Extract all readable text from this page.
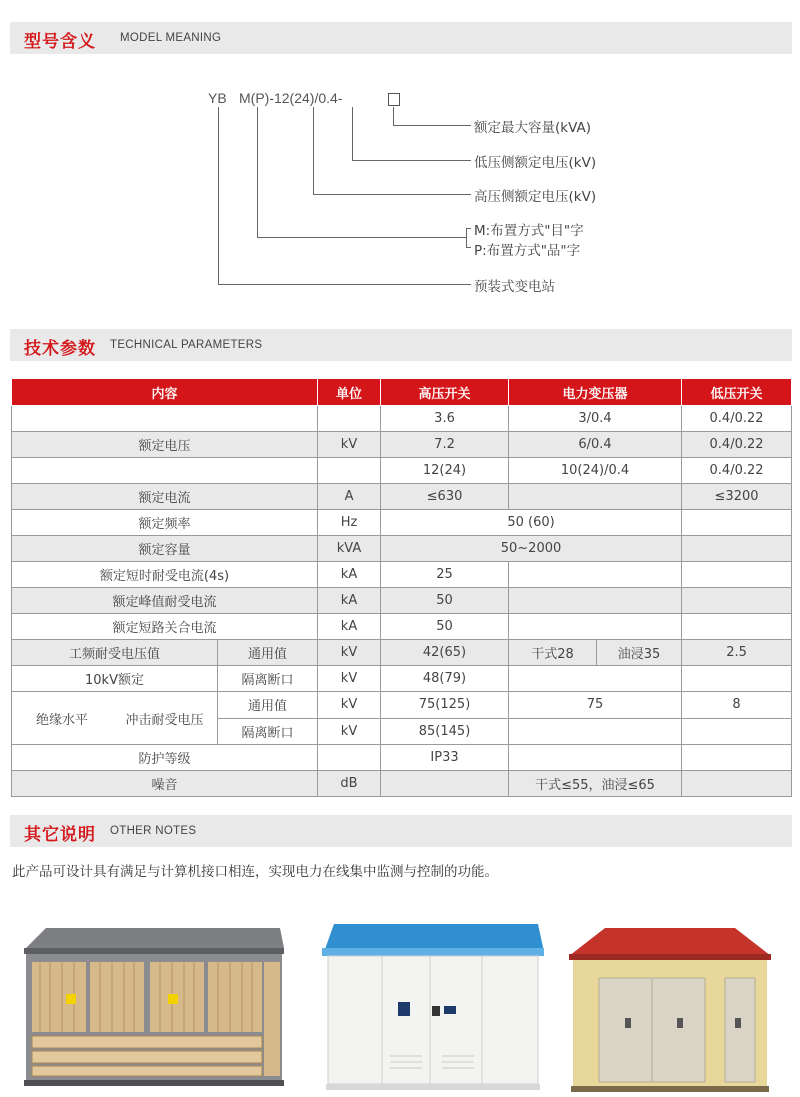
型号含义 MODEL MEANING
YB M(P)-12(24)/0.4-
额定最大容量(kVA)
低压侧额定电压(kV)
高压侧额定电压(kV)
M:布置方式"目"字
P:布置方式"品"字
预装式变电站
技术参数 TECHNICAL PARAMETERS
内容		单位	高压开关	电力变压器		低压开关
			3.6	3/0.4		0.4/0.22
额定电压		kV	7.2	6/0.4		0.4/0.22
			12(24)	10(24)/0.4		0.4/0.22
额定电流		A	≤630			≤3200
额定频率		Hz	50 (60)			
额定容量		kVA	50~2000			
额定短时耐受电流(4s)		kA	25			
额定峰值耐受电流		kA	50			
额定短路关合电流		kA	50			
工频耐受电压值	通用值	kV	42(65)	干式28	油浸35	2.5
10kV额定	隔离断口	kV	48(79)			

绝缘水平 冲击耐受电压	通用值	kV	75(125)	75		8
	隔离断口	kV	85(145)			
防护等级			IP33			
噪音		dB		干式≤55，油浸≤65		
其它说明 OTHER NOTES
此产品可设计具有满足与计算机接口相连，实现电力在线集中监测与控制的功能。
